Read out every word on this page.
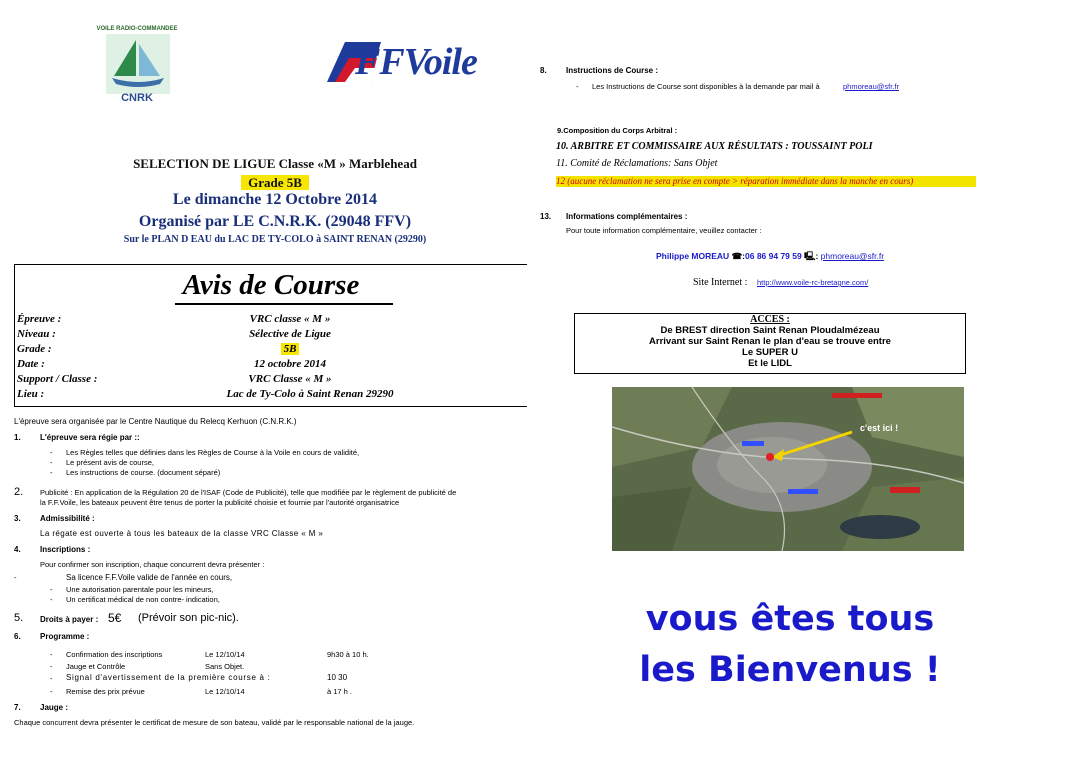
VOILE RADIO-COMMANDEE
CNRK
FFVoile
SELECTION DE LIGUE Classe «M » Marblehead
Grade 5B
Le dimanche 12 Octobre 2014
Organisé par LE C.N.R.K. (29048 FFV)
Sur le PLAN D EAU du LAC DE TY-COLO à SAINT RENAN (29290)
Avis de Course
Épreuve :	VRC classe « M »
Niveau :	Sélective de Ligue
Grade :	5B
Date :	12 octobre 2014
Support / Classe :	VRC Classe « M »
Lieu :	Lac de Ty-Colo à Saint Renan 29290
L'épreuve sera organisée par le Centre Nautique du Relecq Kerhuon (C.N.R.K.)
1.	L'épreuve sera régie par ::
- Les Règles telles que définies dans les Règles de Course à la Voile en cours de validité,
- Le présent avis de course,
- Les instructions de course. (document séparé)
2. Publicité : En application de la Régulation 20 de l'ISAF (Code de Publicité), telle que modifiée par le règlement de publicité de
la F.F.Voile, les bateaux peuvent être tenus de porter la publicité choisie et fournie par l'autorité organisatrice
3.	Admissibilité :
La régate est ouverte à tous les bateaux de la classe VRC Classe « M »
4.	Inscriptions :
Pour confirmer son inscription, chaque concurrent devra présenter :
-	Sa licence F.F.Voile valide de l'année en cours,
- Une autorisation parentale pour les mineurs,
- Un certificat médical de non contre- indication,
5. Droits à payer : 5€ (Prévoir son pic-nic).
6.	Programme :
- Confirmation des inscriptions	Le 12/10/14	9h30 à 10 h.
- Jauge et Contrôle	Sans Objet.
- Signal d'avertissement de la première course à :	10 30
- Remise des prix prévue	Le 12/10/14	à 17 h .
7.	Jauge :
Chaque concurrent devra présenter le certificat de mesure de son bateau, validé par le responsable national de la jauge.
8. Instructions de Course :
- Les Instructions de Course sont disponibles à la demande par mail à	phmoreau@sfr.fr
9.Composition du Corps Arbitral :
10. ARBITRE ET COMMISSAIRE AUX RÉSULTATS : TOUSSAINT POLI
11. Comité de Réclamations: Sans Objet
12 (aucune réclamation ne sera prise en compte > réparation immédiate dans la manche en cours)
13. Informations complémentaires :
Pour toute information complémentaire, veuillez contacter :
Philippe MOREAU ☎:06 86 94 79 59 🖳: phmoreau@sfr.fr
Site Internet : http://www.voile-rc-bretagne.com/
ACCES :
De BREST direction Saint Renan Ploudalmézeau
Arrivant sur Saint Renan le plan d'eau se trouve entre
Le SUPER U
Et le LIDL
c'est ici !
vous êtes tous
les Bienvenus !
